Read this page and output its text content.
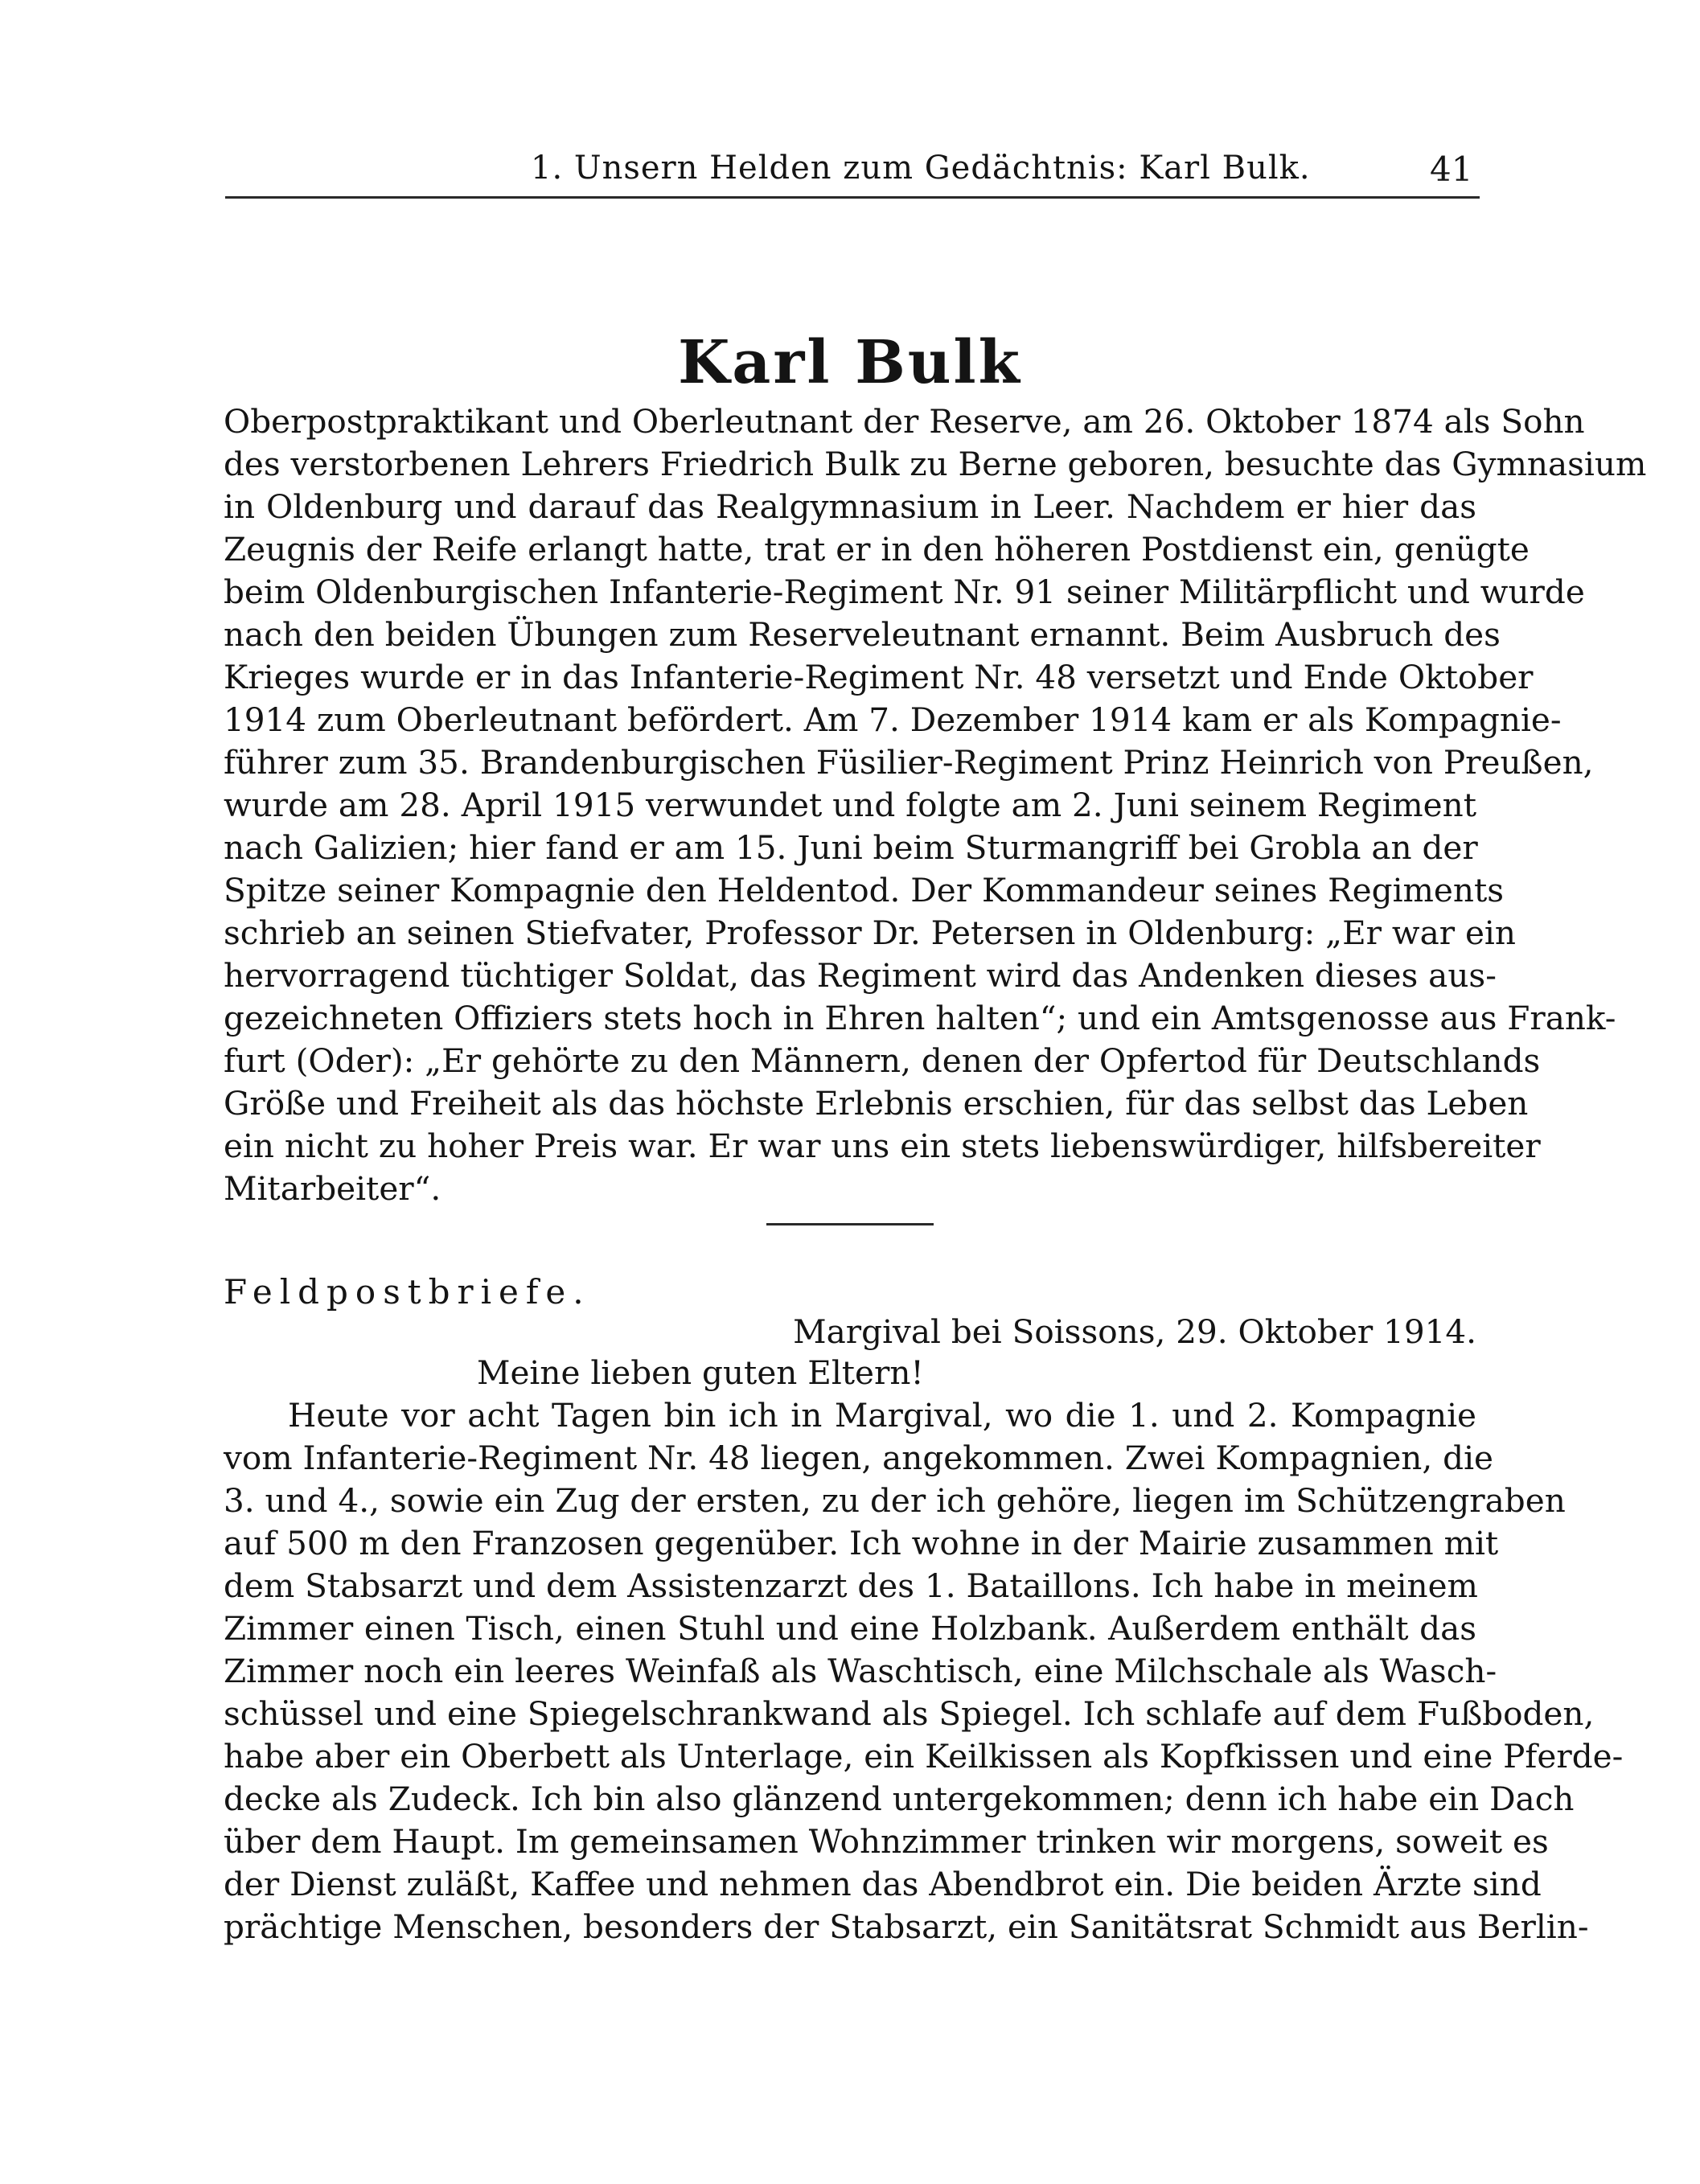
1. Unsern Helden zum Gedächtnis: Karl Bulk.	41
Karl Bulk
Oberpostpraktikant und Oberleutnant der Reserve, am 26. Oktober 1874 als Sohn
des verstorbenen Lehrers Friedrich Bulk zu Berne geboren, besuchte das Gymnasium
in Oldenburg und darauf das Realgymnasium in Leer. Nachdem er hier das
Zeugnis der Reife erlangt hatte, trat er in den höheren Postdienst ein, genügte
beim Oldenburgischen Infanterie-Regiment Nr. 91 seiner Militärpflicht und wurde
nach den beiden Übungen zum Reserveleutnant ernannt. Beim Ausbruch des
Krieges wurde er in das Infanterie-Regiment Nr. 48 versetzt und Ende Oktober
1914 zum Oberleutnant befördert. Am 7. Dezember 1914 kam er als Kompagnie-
führer zum 35. Brandenburgischen Füsilier-Regiment Prinz Heinrich von Preußen,
wurde am 28. April 1915 verwundet und folgte am 2. Juni seinem Regiment
nach Galizien; hier fand er am 15. Juni beim Sturmangriff bei Grobla an der
Spitze seiner Kompagnie den Heldentod. Der Kommandeur seines Regiments
schrieb an seinen Stiefvater, Professor Dr. Petersen in Oldenburg: „Er war ein
hervorragend tüchtiger Soldat, das Regiment wird das Andenken dieses aus-
gezeichneten Offiziers stets hoch in Ehren halten“; und ein Amtsgenosse aus Frank-
furt (Oder): „Er gehörte zu den Männern, denen der Opfertod für Deutschlands
Größe und Freiheit als das höchste Erlebnis erschien, für das selbst das Leben
ein nicht zu hoher Preis war. Er war uns ein stets liebenswürdiger, hilfsbereiter
Mitarbeiter“.
Feldpostbriefe.
Margival bei Soissons, 29. Oktober 1914.
Meine lieben guten Eltern!
Heute vor acht Tagen bin ich in Margival, wo die 1. und 2. Kompagnie
vom Infanterie-Regiment Nr. 48 liegen, angekommen. Zwei Kompagnien, die
3. und 4., sowie ein Zug der ersten, zu der ich gehöre, liegen im Schützengraben
auf 500 m den Franzosen gegenüber. Ich wohne in der Mairie zusammen mit
dem Stabsarzt und dem Assistenzarzt des 1. Bataillons. Ich habe in meinem
Zimmer einen Tisch, einen Stuhl und eine Holzbank. Außerdem enthält das
Zimmer noch ein leeres Weinfaß als Waschtisch, eine Milchschale als Wasch-
schüssel und eine Spiegelschrankwand als Spiegel. Ich schlafe auf dem Fußboden,
habe aber ein Oberbett als Unterlage, ein Keilkissen als Kopfkissen und eine Pferde-
decke als Zudeck. Ich bin also glänzend untergekommen; denn ich habe ein Dach
über dem Haupt. Im gemeinsamen Wohnzimmer trinken wir morgens, soweit es
der Dienst zuläßt, Kaffee und nehmen das Abendbrot ein. Die beiden Ärzte sind
prächtige Menschen, besonders der Stabsarzt, ein Sanitätsrat Schmidt aus Berlin-
